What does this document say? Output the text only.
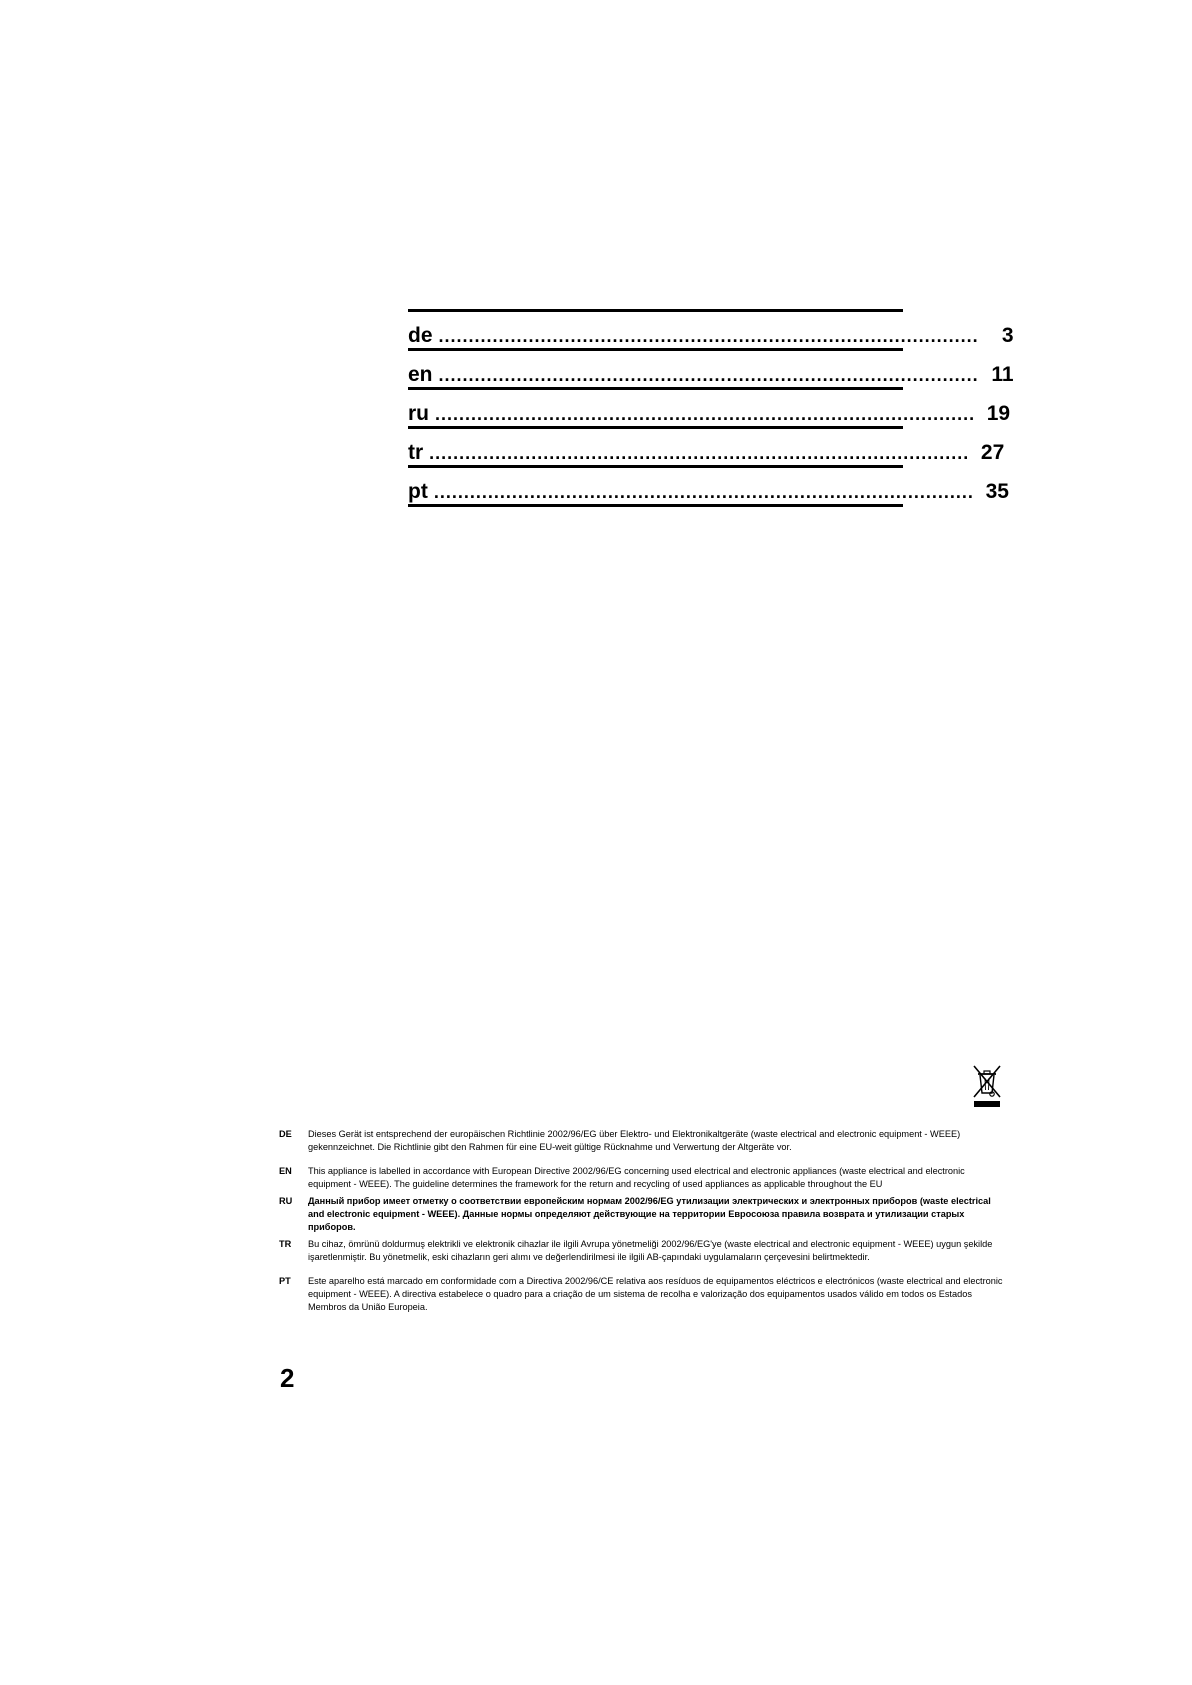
de ..........................................................................................	3
en .......................................................................................... 11
ru .......................................................................................... 19
tr .......................................................................................... 27
pt .......................................................................................... 35
DE	Dieses Gerät ist entsprechend der europäischen Richtlinie 2002/96/EG über Elektro- und Elektronikaltgeräte (waste electrical and electronic equipment - WEEE) gekennzeichnet. Die Richtlinie gibt den Rahmen für eine EU-weit gültige Rücknahme und Verwertung der Altgeräte vor.
EN	This appliance is labelled in accordance with European Directive 2002/96/EG concerning used electrical and electronic appliances (waste electrical and electronic equipment - WEEE). The guideline determines the framework for the return and recycling of used appliances as applicable throughout the EU
RU	Данный прибор имеет отметку о соответствии европейским нормам 2002/96/EG утилизации электрических и электронных приборов (waste electrical and electronic equipment - WEEE). Данные нормы определяют действующие на территории Евросоюза правила возврата и утилизации старых приборов.
TR	Bu cihaz, ömrünü doldurmuş elektrikli ve elektronik cihazlar ile ilgili Avrupa yönetmeliği 2002/96/EG'ye (waste electrical and electronic equipment - WEEE) uygun şekilde işaretlenmiştir. Bu yönetmelik, eski cihazların geri alımı ve değerlendirilmesi ile ilgili AB-çapındaki uygulamaların çerçevesini belirtmektedir.
PT	Este aparelho está marcado em conformidade com a Directiva 2002/96/CE relativa aos resíduos de equipamentos eléctricos e electrónicos (waste electrical and electronic equipment - WEEE). A directiva estabelece o quadro para a criação de um sistema de recolha e valorização dos equipamentos usados válido em todos os Estados Membros da União Europeia.
2
